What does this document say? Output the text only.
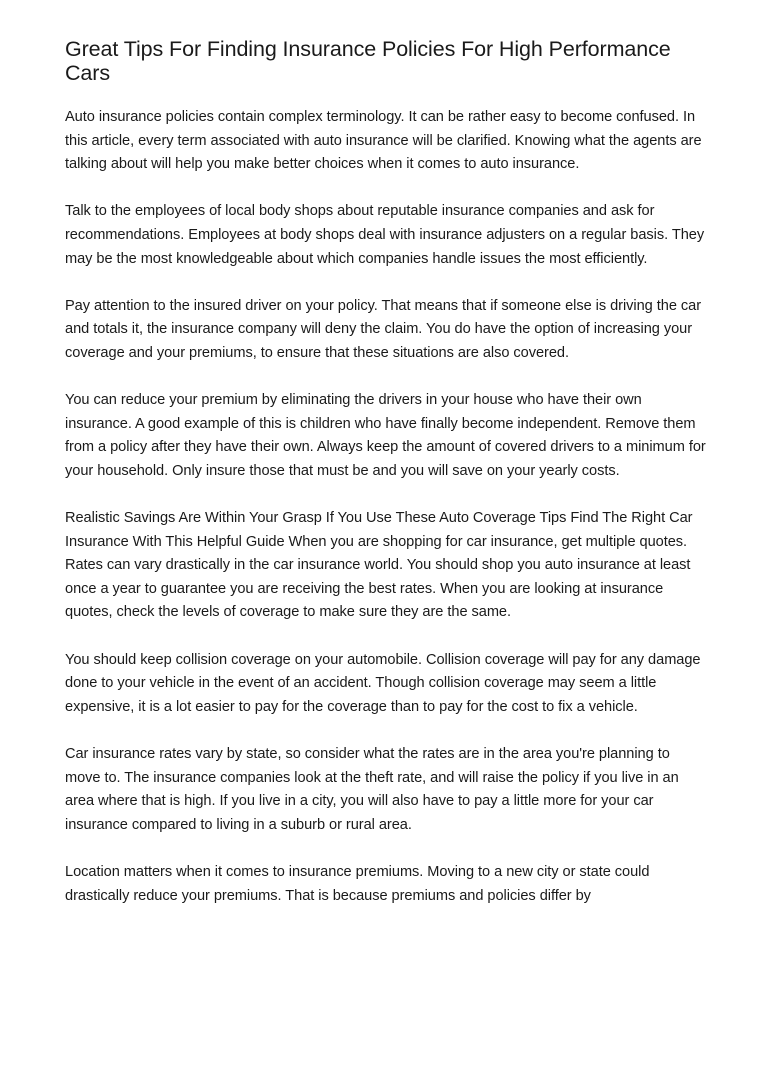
Great Tips For Finding Insurance Policies For High Performance Cars

Auto insurance policies contain complex terminology. It can be rather easy to become confused. In this article, every term associated with auto insurance will be clarified. Knowing what the agents are talking about will help you make better choices when it comes to auto insurance.

Talk to the employees of local body shops about reputable insurance companies and ask for recommendations. Employees at body shops deal with insurance adjusters on a regular basis. They may be the most knowledgeable about which companies handle issues the most efficiently.

Pay attention to the insured driver on your policy. That means that if someone else is driving the car and totals it, the insurance company will deny the claim. You do have the option of increasing your coverage and your premiums, to ensure that these situations are also covered.

You can reduce your premium by eliminating the drivers in your house who have their own insurance. A good example of this is children who have finally become independent. Remove them from a policy after they have their own. Always keep the amount of covered drivers to a minimum for your household. Only insure those that must be and you will save on your yearly costs.

Realistic Savings Are Within Your Grasp If You Use These Auto Coverage Tips Find The Right Car Insurance With This Helpful Guide When you are shopping for car insurance, get multiple quotes. Rates can vary drastically in the car insurance world. You should shop you auto insurance at least once a year to guarantee you are receiving the best rates. When you are looking at insurance quotes, check the levels of coverage to make sure they are the same.

You should keep collision coverage on your automobile. Collision coverage will pay for any damage done to your vehicle in the event of an accident. Though collision coverage may seem a little expensive, it is a lot easier to pay for the coverage than to pay for the cost to fix a vehicle.

Car insurance rates vary by state, so consider what the rates are in the area you're planning to move to. The insurance companies look at the theft rate, and will raise the policy if you live in an area where that is high. If you live in a city, you will also have to pay a little more for your car insurance compared to living in a suburb or rural area.

Location matters when it comes to insurance premiums. Moving to a new city or state could drastically reduce your premiums. That is because premiums and policies differ by
